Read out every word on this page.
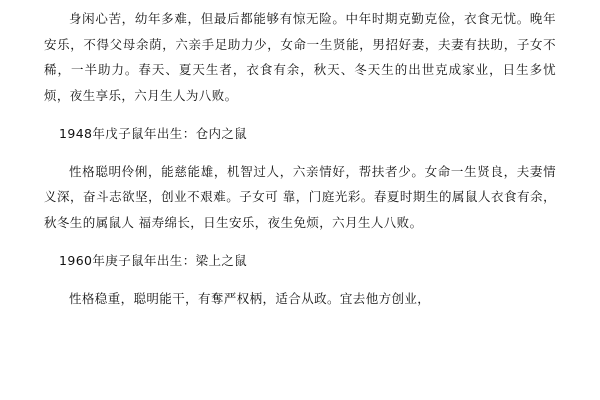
身闲心苦，幼年多难，但最后都能够有惊无险。中年时期克勤克俭，衣食无忧。晚年安乐，不得父母余荫，六亲手足助力少，女命一生贤能，男招好妻，夫妻有扶助，子女不稀，一半助力。春天、夏天生者，衣食有余，秋天、冬天生的出世克成家业，日生多忧烦，夜生享乐，六月生人为八败。

1948年戊子鼠年出生：仓内之鼠

性格聪明伶俐，能慈能雄，机智过人，六亲情好，帮扶者少。女命一生贤良，夫妻情义深，奋斗志欲坚，创业不艰难。子女可 靠，门庭光彩。春夏时期生的属鼠人衣食有余，秋冬生的属鼠人 福寿绵长，日生安乐，夜生免烦，六月生人八败。

1960年庚子鼠年出生：梁上之鼠

性格稳重，聪明能干，有奪严权柄，适合从政。宜去他方创业，
